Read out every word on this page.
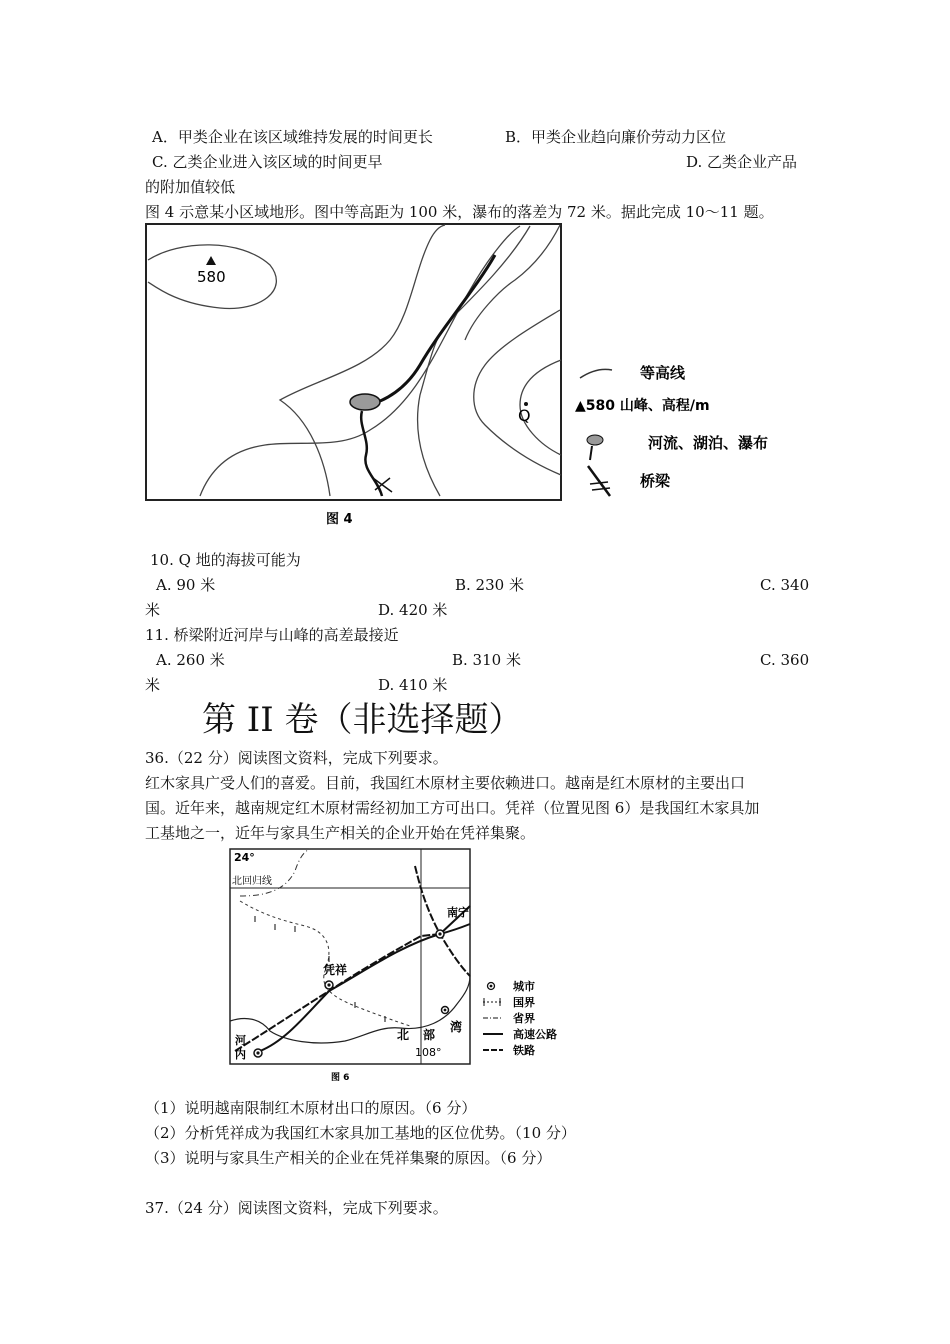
A．甲类企业在该区域维持发展的时间更长	B．甲类企业趋向廉价劳动力区位
C. 乙类企业进入该区域的时间更早	D. 乙类企业产品
的附加值较低
图 4 示意某小区域地形。图中等高距为 100 米，瀑布的落差为 72 米。据此完成 10～11 题。
580
Q
图 4
等高线
▲580 山峰、高程/m
河流、湖泊、瀑布
桥梁
10. Q 地的海拔可能为
A. 90 米	B. 230 米	C. 340
米	D. 420 米
11. 桥梁附近河岸与山峰的高差最接近
A. 260 米	B. 310 米	C. 360
米	D. 410 米
第 II 卷（非选择题）
36.（22 分）阅读图文资料，完成下列要求。
红木家具广受人们的喜爱。目前，我国红木原材主要依赖进口。越南是红木原材的主要出口
国。近年来，越南规定红木原材需经初加工方可出口。凭祥（位置见图 6）是我国红木家具加
工基地之一，近年与家具生产相关的企业开始在凭祥集聚。
24°
北回归线
南宁
凭祥
河
内
北 部
湾
108°
图 6
城市
国界
省界
高速公路
铁路
（1）说明越南限制红木原材出口的原因。（6 分）
（2）分析凭祥成为我国红木家具加工基地的区位优势。（10 分）
（3）说明与家具生产相关的企业在凭祥集聚的原因。（6 分）
37.（24 分）阅读图文资料，完成下列要求。
